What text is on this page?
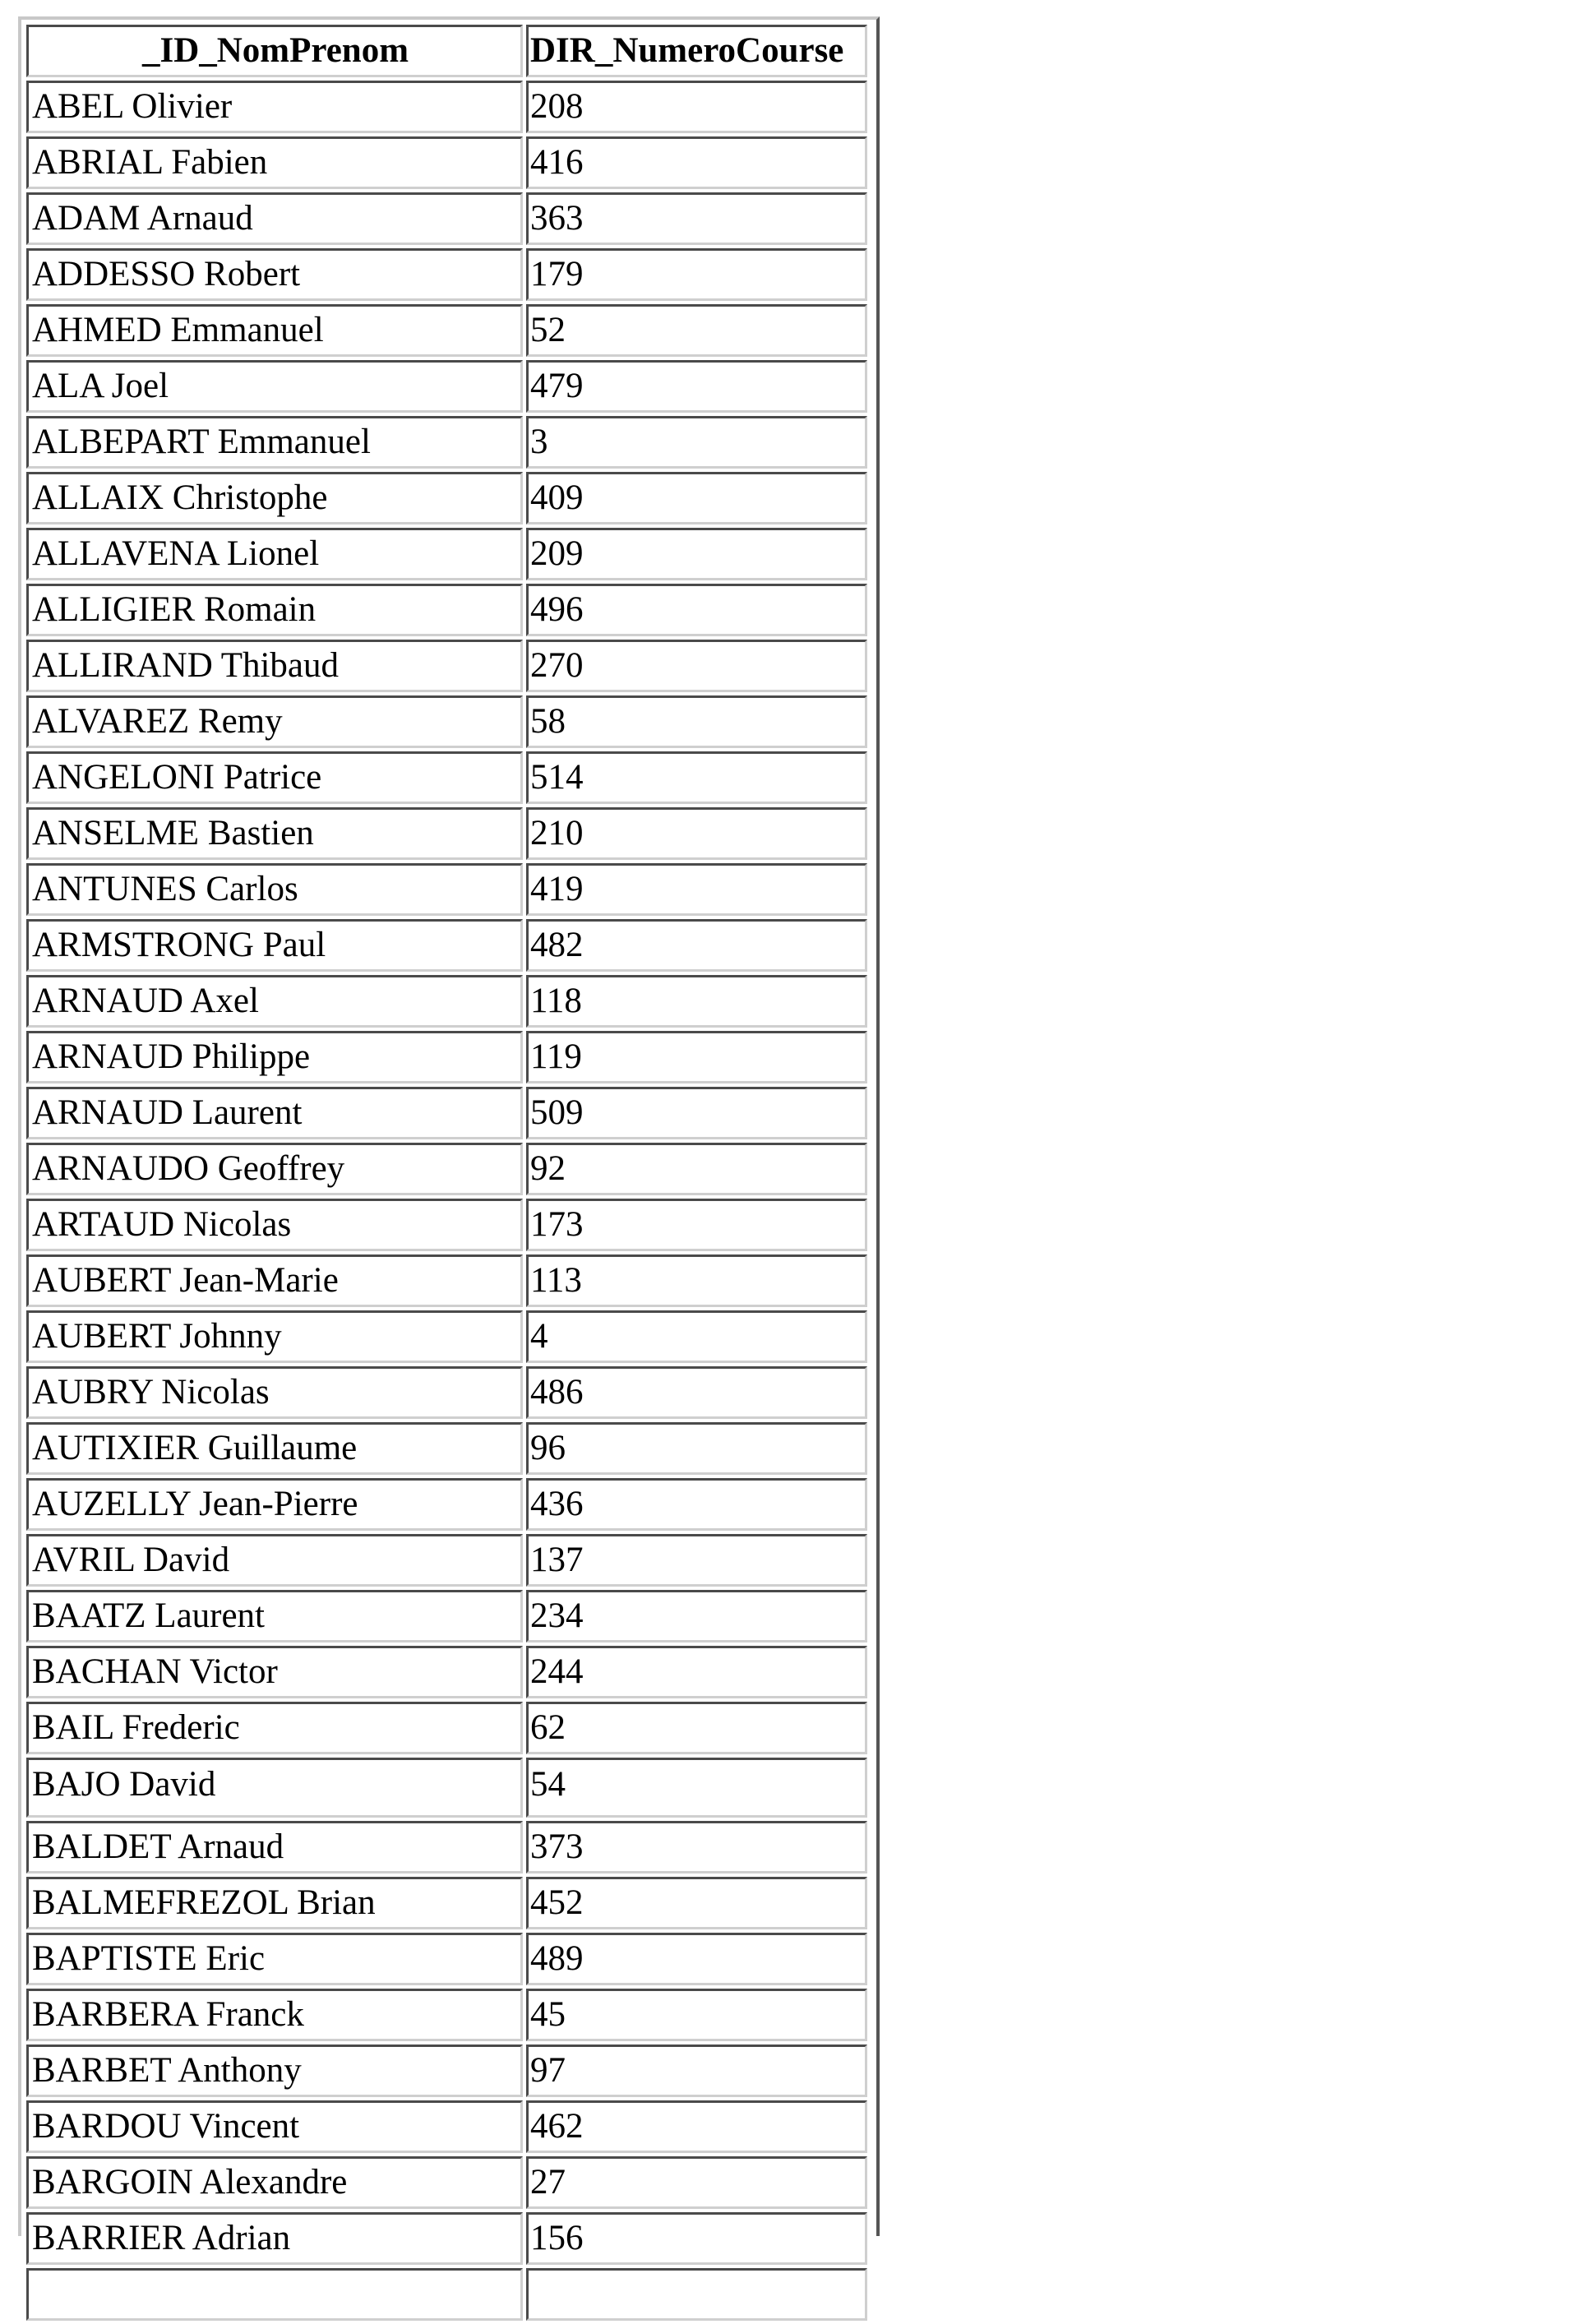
_ID_NomPrenom	DIR_NumeroCourse
ABEL Olivier	208
ABRIAL Fabien	416
ADAM Arnaud	363
ADDESSO Robert	179
AHMED Emmanuel	52
ALA Joel	479
ALBEPART Emmanuel	3
ALLAIX Christophe	409
ALLAVENA Lionel	209
ALLIGIER Romain	496
ALLIRAND Thibaud	270
ALVAREZ Remy	58
ANGELONI Patrice	514
ANSELME Bastien	210
ANTUNES Carlos	419
ARMSTRONG Paul	482
ARNAUD Axel	118
ARNAUD Philippe	119
ARNAUD Laurent	509
ARNAUDO Geoffrey	92
ARTAUD Nicolas	173
AUBERT Jean-Marie	113
AUBERT Johnny	4
AUBRY Nicolas	486
AUTIXIER Guillaume	96
AUZELLY Jean-Pierre	436
AVRIL David	137
BAATZ Laurent	234
BACHAN Victor	244
BAIL Frederic	62
BAJO David	54
BALDET Arnaud	373
BALMEFREZOL Brian	452
BAPTISTE Eric	489
BARBERA Franck	45
BARBET Anthony	97
BARDOU Vincent	462
BARGOIN Alexandre	27
BARRIER Adrian	156
